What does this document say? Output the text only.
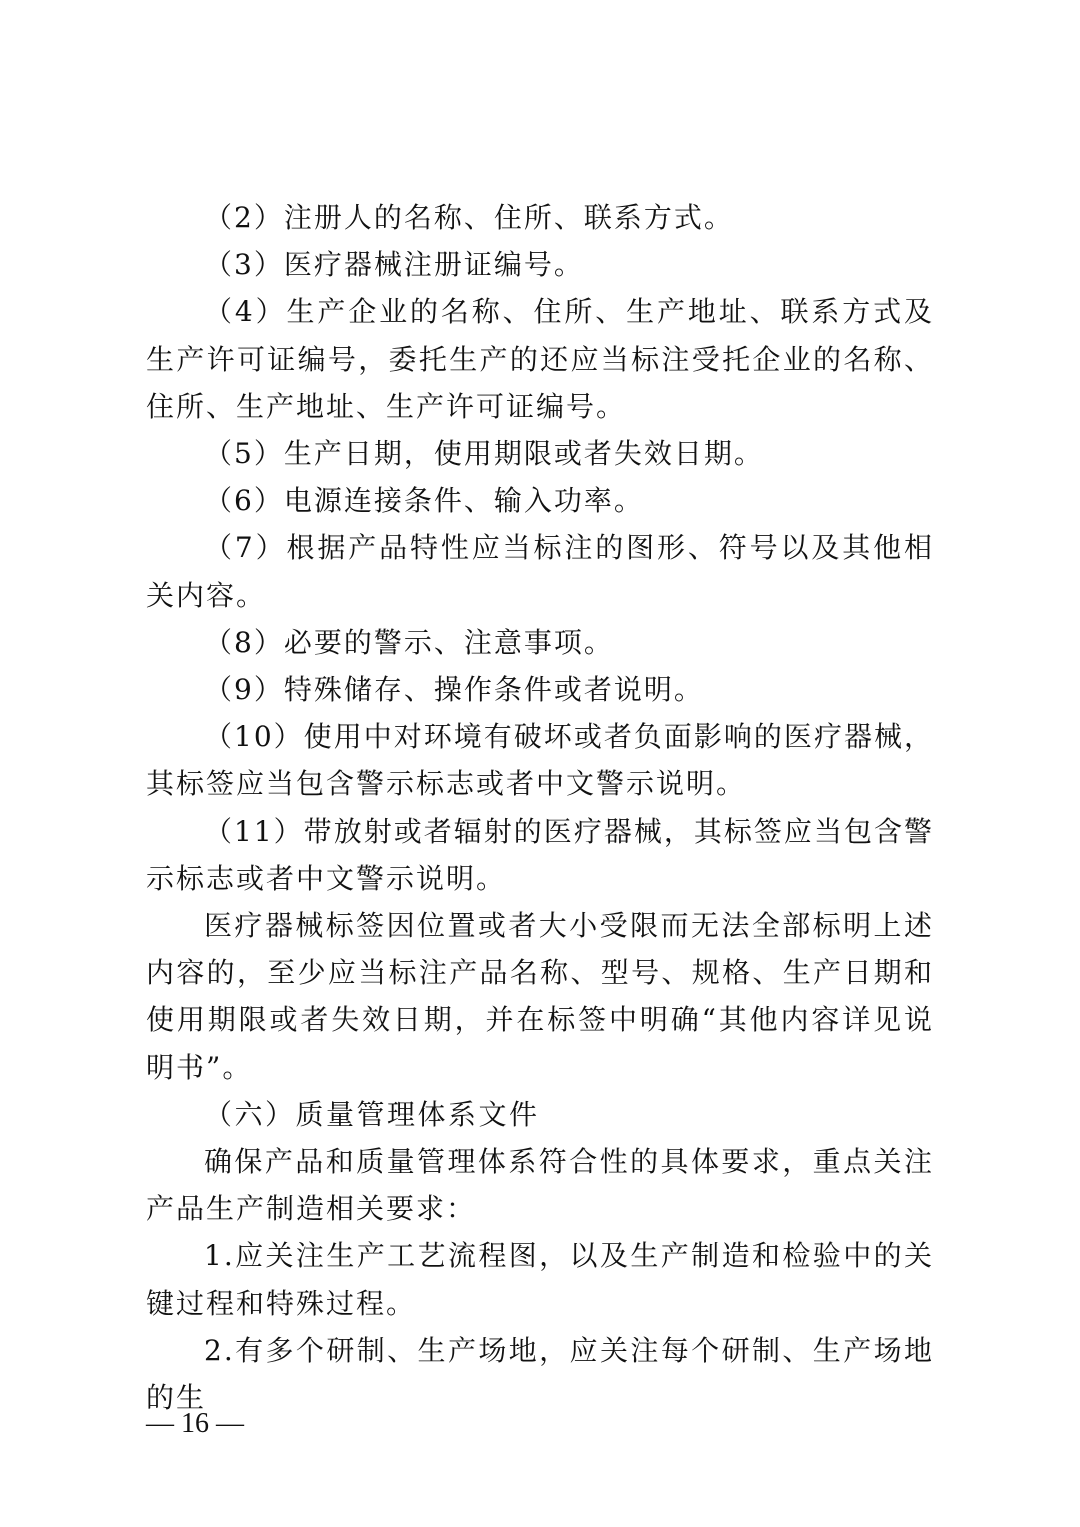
（2）注册人的名称、住所、联系方式。

（3）医疗器械注册证编号。

（4）生产企业的名称、住所、生产地址、联系方式及生产许可证编号，委托生产的还应当标注受托企业的名称、住所、生产地址、生产许可证编号。

（5）生产日期，使用期限或者失效日期。

（6）电源连接条件、输入功率。

（7）根据产品特性应当标注的图形、符号以及其他相关内容。

（8）必要的警示、注意事项。

（9）特殊储存、操作条件或者说明。

（10）使用中对环境有破坏或者负面影响的医疗器械，其标签应当包含警示标志或者中文警示说明。

（11）带放射或者辐射的医疗器械，其标签应当包含警示标志或者中文警示说明。

医疗器械标签因位置或者大小受限而无法全部标明上述内容的，至少应当标注产品名称、型号、规格、生产日期和使用期限或者失效日期，并在标签中明确“其他内容详见说明书”。

（六）质量管理体系文件

确保产品和质量管理体系符合性的具体要求，重点关注产品生产制造相关要求：

1.应关注生产工艺流程图，以及生产制造和检验中的关键过程和特殊过程。

2.有多个研制、生产场地，应关注每个研制、生产场地的生

— 16 —
